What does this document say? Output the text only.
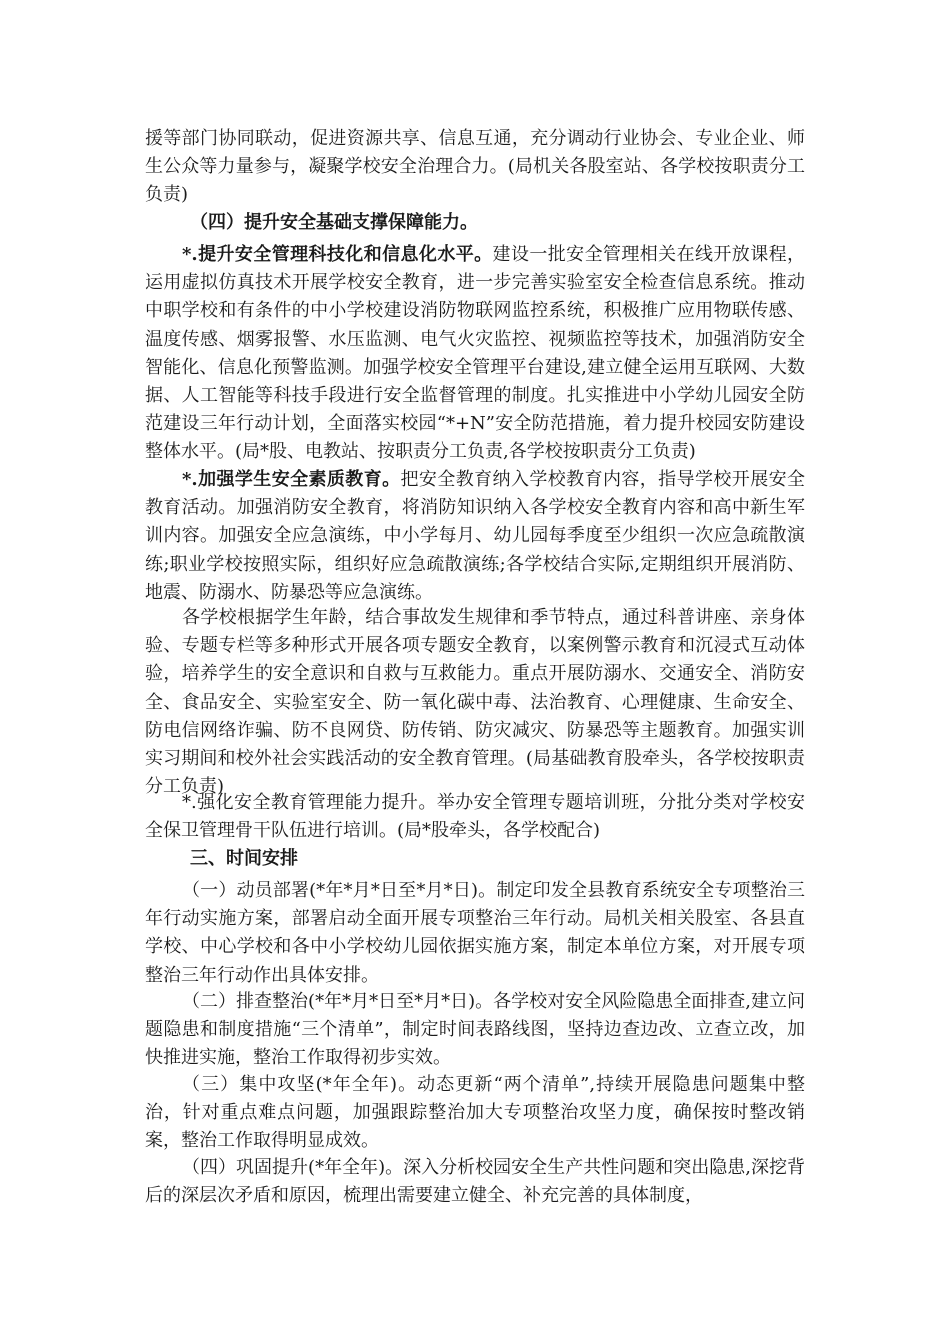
援等部门协同联动，促进资源共享、信息互通，充分调动行业协会、专业企业、师生公众等力量参与，凝聚学校安全治理合力。(局机关各股室站、各学校按职责分工负责)

（四）提升安全基础支撑保障能力。

*.提升安全管理科技化和信息化水平。建设一批安全管理相关在线开放课程，运用虚拟仿真技术开展学校安全教育，进一步完善实验室安全检查信息系统。推动中职学校和有条件的中小学校建设消防物联网监控系统，积极推广应用物联传感、温度传感、烟雾报警、水压监测、电气火灾监控、视频监控等技术，加强消防安全智能化、信息化预警监测。加强学校安全管理平台建设,建立健全运用互联网、大数据、人工智能等科技手段进行安全监督管理的制度。扎实推进中小学幼儿园安全防范建设三年行动计划，全面落实校园“*+N”安全防范措施，着力提升校园安防建设整体水平。(局*股、电教站、按职责分工负责,各学校按职责分工负责)

*.加强学生安全素质教育。把安全教育纳入学校教育内容，指导学校开展安全教育活动。加强消防安全教育，将消防知识纳入各学校安全教育内容和高中新生军训内容。加强安全应急演练，中小学每月、幼儿园每季度至少组织一次应急疏散演练;职业学校按照实际，组织好应急疏散演练;各学校结合实际,定期组织开展消防、地震、防溺水、防暴恐等应急演练。

各学校根据学生年龄，结合事故发生规律和季节特点，通过科普讲座、亲身体验、专题专栏等多种形式开展各项专题安全教育，以案例警示教育和沉浸式互动体验，培养学生的安全意识和自救与互救能力。重点开展防溺水、交通安全、消防安全、食品安全、实验室安全、防一氧化碳中毒、法治教育、心理健康、生命安全、防电信网络诈骗、防不良网贷、防传销、防灾减灾、防暴恐等主题教育。加强实训实习期间和校外社会实践活动的安全教育管理。(局基础教育股牵头，各学校按职责分工负责)

*.强化安全教育管理能力提升。举办安全管理专题培训班，分批分类对学校安全保卫管理骨干队伍进行培训。(局*股牵头，各学校配合)

三、时间安排

（一）动员部署(*年*月*日至*月*日)。制定印发全县教育系统安全专项整治三年行动实施方案，部署启动全面开展专项整治三年行动。局机关相关股室、各县直学校、中心学校和各中小学校幼儿园依据实施方案，制定本单位方案，对开展专项整治三年行动作出具体安排。

（二）排查整治(*年*月*日至*月*日)。各学校对安全风险隐患全面排查,建立问题隐患和制度措施“三个清单”，制定时间表路线图，坚持边查边改、立查立改，加快推进实施，整治工作取得初步实效。

（三）集中攻坚(*年全年)。动态更新“两个清单”,持续开展隐患问题集中整治，针对重点难点问题，加强跟踪整治加大专项整治攻坚力度，确保按时整改销案，整治工作取得明显成效。

（四）巩固提升(*年全年)。深入分析校园安全生产共性问题和突出隐患,深挖背后的深层次矛盾和原因，梳理出需要建立健全、补充完善的具体制度，
